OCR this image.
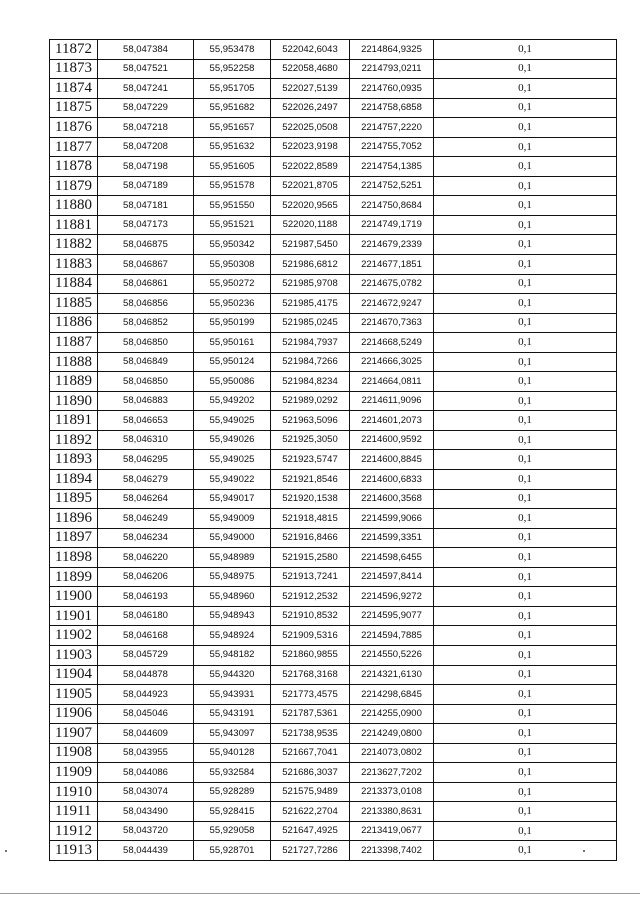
11872	58,047384	55,953478	522042,6043	2214864,9325	0,1
11873	58,047521	55,952258	522058,4680	2214793,0211	0,1
11874	58,047241	55,951705	522027,5139	2214760,0935	0,1
11875	58,047229	55,951682	522026,2497	2214758,6858	0,1
11876	58,047218	55,951657	522025,0508	2214757,2220	0,1
11877	58,047208	55,951632	522023,9198	2214755,7052	0,1
11878	58,047198	55,951605	522022,8589	2214754,1385	0,1
11879	58,047189	55,951578	522021,8705	2214752,5251	0,1
11880	58,047181	55,951550	522020,9565	2214750,8684	0,1
11881	58,047173	55,951521	522020,1188	2214749,1719	0,1
11882	58,046875	55,950342	521987,5450	2214679,2339	0,1
11883	58,046867	55,950308	521986,6812	2214677,1851	0,1
11884	58,046861	55,950272	521985,9708	2214675,0782	0,1
11885	58,046856	55,950236	521985,4175	2214672,9247	0,1
11886	58,046852	55,950199	521985,0245	2214670,7363	0,1
11887	58,046850	55,950161	521984,7937	2214668,5249	0,1
11888	58,046849	55,950124	521984,7266	2214666,3025	0,1
11889	58,046850	55,950086	521984,8234	2214664,0811	0,1
11890	58,046883	55,949202	521989,0292	2214611,9096	0,1
11891	58,046653	55,949025	521963,5096	2214601,2073	0,1
11892	58,046310	55,949026	521925,3050	2214600,9592	0,1
11893	58,046295	55,949025	521923,5747	2214600,8845	0,1
11894	58,046279	55,949022	521921,8546	2214600,6833	0,1
11895	58,046264	55,949017	521920,1538	2214600,3568	0,1
11896	58,046249	55,949009	521918,4815	2214599,9066	0,1
11897	58,046234	55,949000	521916,8466	2214599,3351	0,1
11898	58,046220	55,948989	521915,2580	2214598,6455	0,1
11899	58,046206	55,948975	521913,7241	2214597,8414	0,1
11900	58,046193	55,948960	521912,2532	2214596,9272	0,1
11901	58,046180	55,948943	521910,8532	2214595,9077	0,1
11902	58,046168	55,948924	521909,5316	2214594,7885	0,1
11903	58,045729	55,948182	521860,9855	2214550,5226	0,1
11904	58,044878	55,944320	521768,3168	2214321,6130	0,1
11905	58,044923	55,943931	521773,4575	2214298,6845	0,1
11906	58,045046	55,943191	521787,5361	2214255,0900	0,1
11907	58,044609	55,943097	521738,9535	2214249,0800	0,1
11908	58,043955	55,940128	521667,7041	2214073,0802	0,1
11909	58,044086	55,932584	521686,3037	2213627,7202	0,1
11910	58,043074	55,928289	521575,9489	2213373,0108	0,1
11911	58,043490	55,928415	521622,2704	2213380,8631	0,1
11912	58,043720	55,929058	521647,4925	2213419,0677	0,1
11913	58,044439	55,928701	521727,7286	2213398,7402	0,1
